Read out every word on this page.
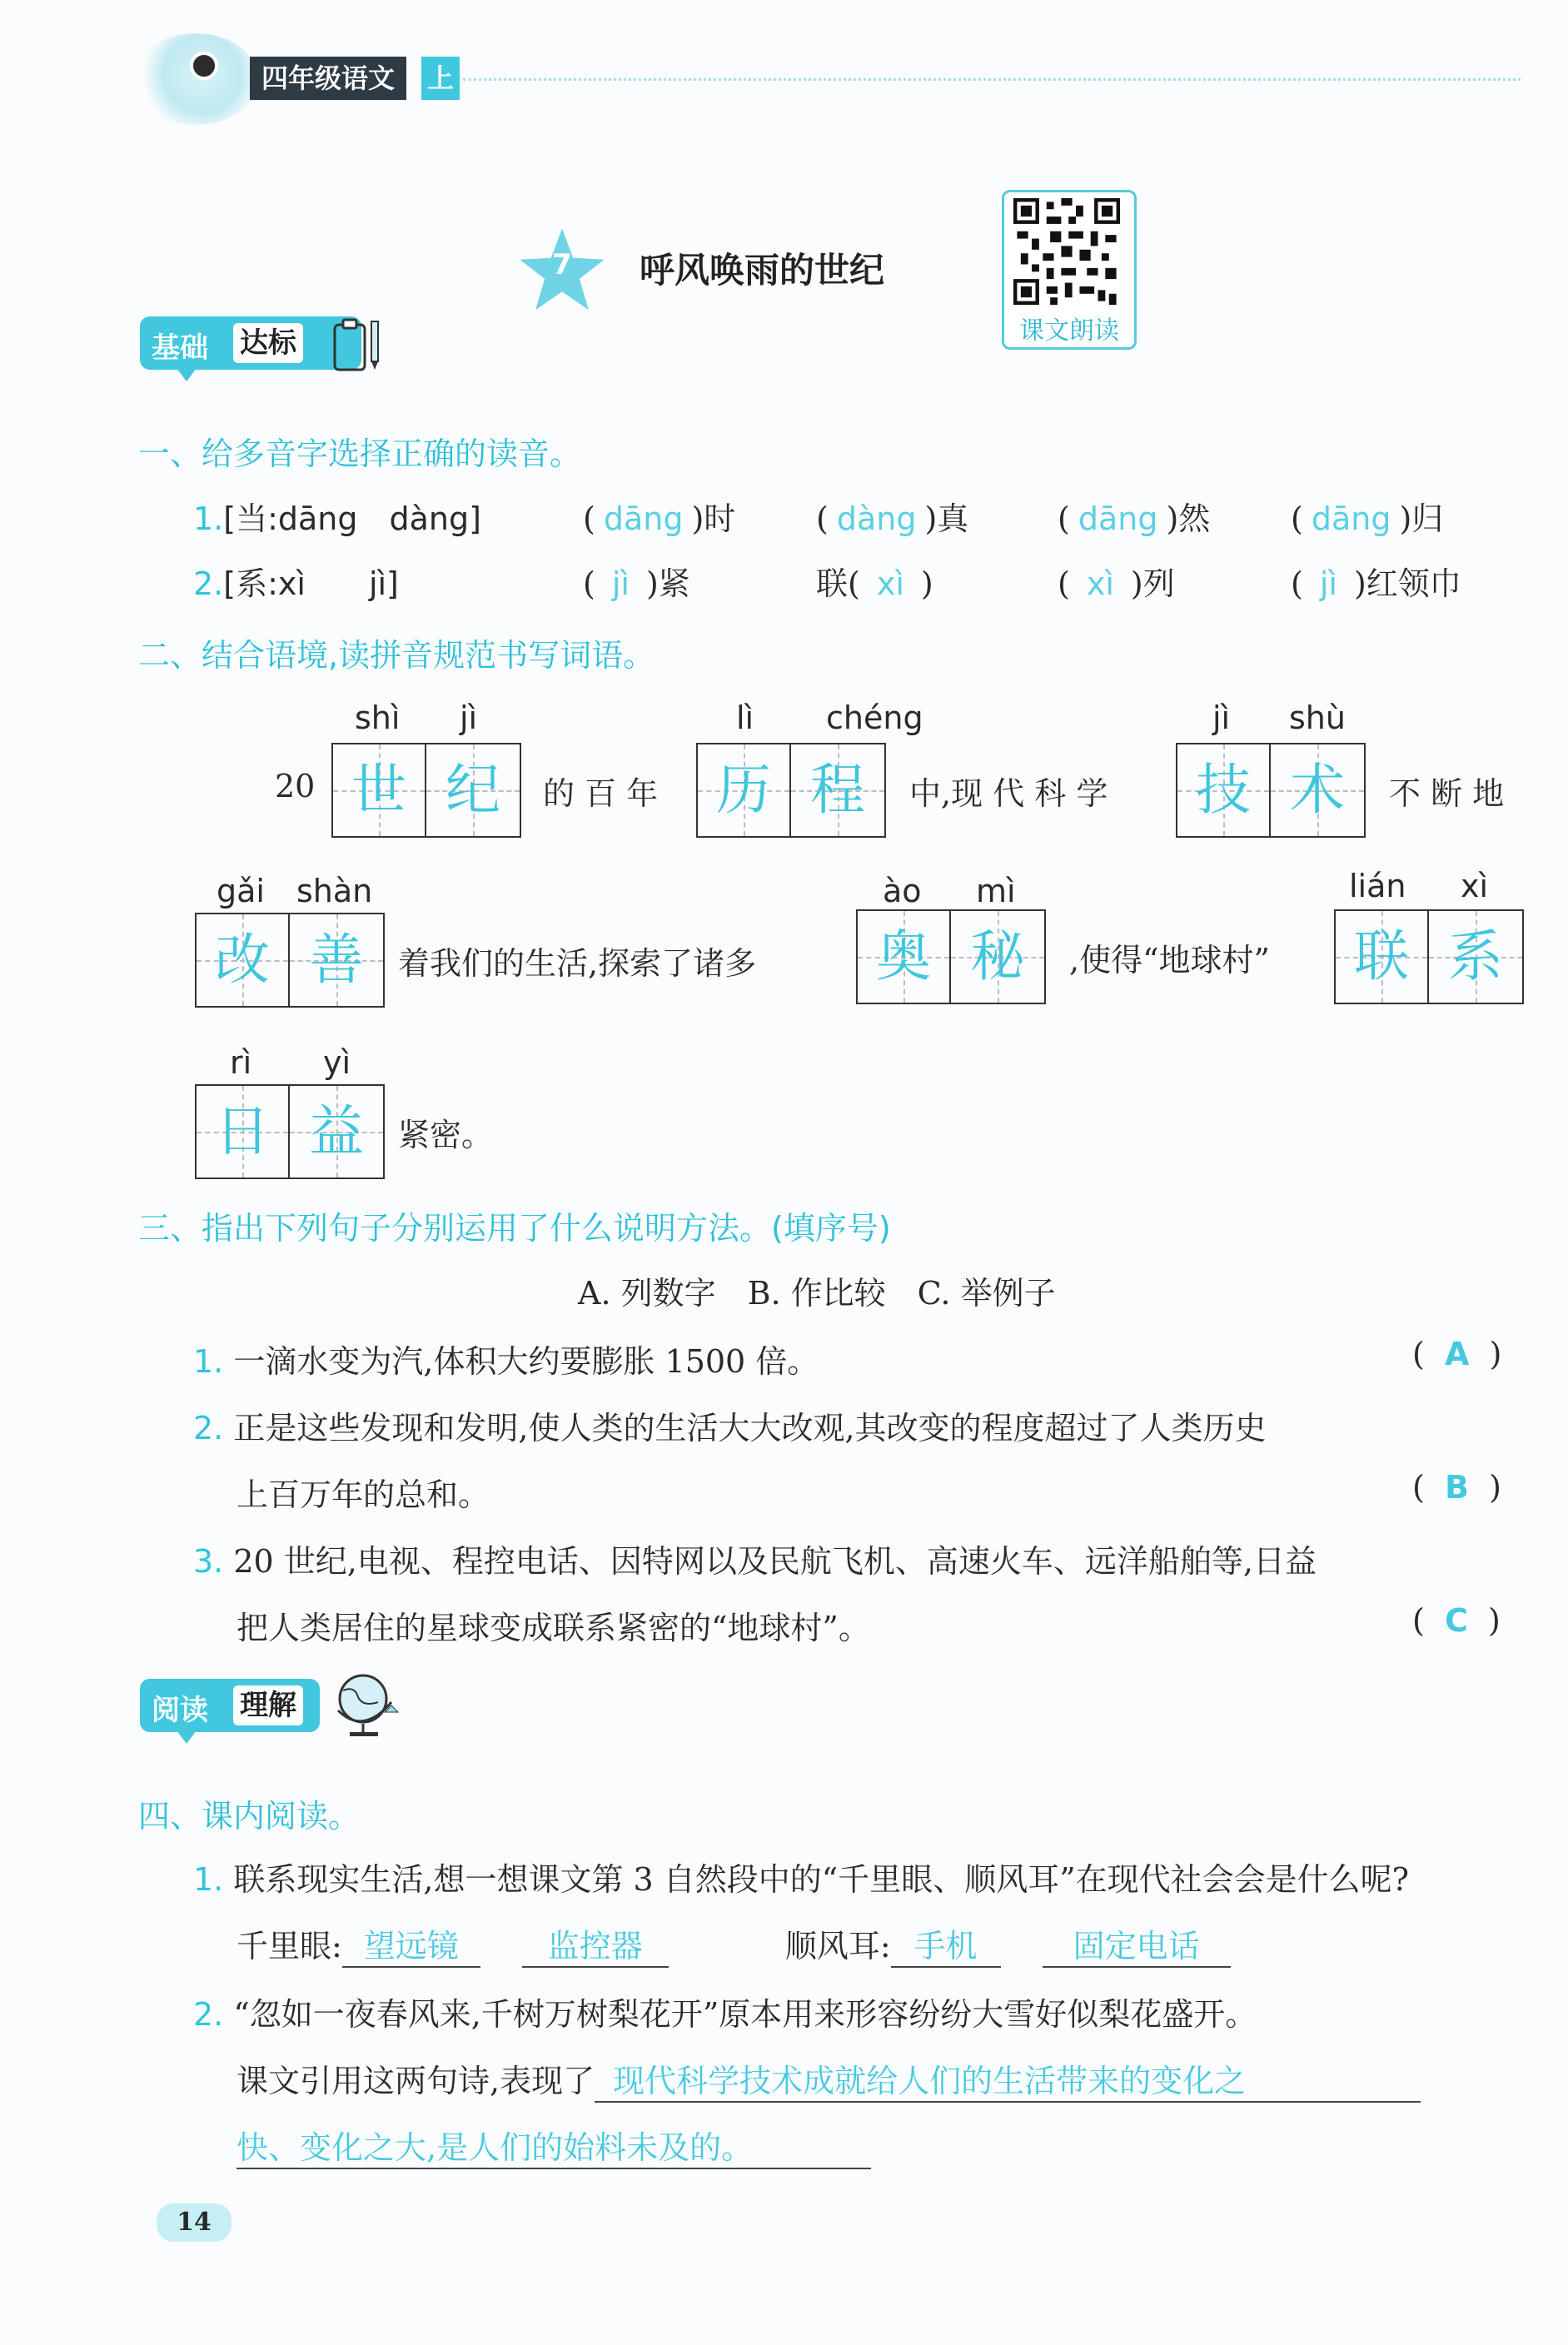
四年级语文	上
7	呼风唤雨的世纪
课文朗读
基础 达标
一、给多音字选择正确的读音。
1.[当:dāng　dàng]	( dāng )时	( dàng )真	( dāng )然	( dāng )归
2.[系:xì　　jì]	( jì )紧	联( xì )	( xì )列	( jì )红领巾
二、结合语境,读拼音规范书写词语。
shì jì
20 世 纪	的 百 年
lì chéng
历 程	中,现 代 科 学
jì shù
技 术	不 断 地
gǎi shàn
改 善	着我们的生活,探索了诸多
ào mì
奥 秘	,使得“地球村”
lián xì
联 系
rì yì
日 益	紧密。
三、指出下列句子分别运用了什么说明方法。(填序号)
A. 列数字　B. 作比较　C. 举例子
1. 一滴水变为汽,体积大约要膨胀 1500 倍。	(  A  )
2. 正是这些发现和发明,使人类的生活大大改观,其改变的程度超过了人类历史
上百万年的总和。	(  B  )
3. 20 世纪,电视、程控电话、因特网以及民航飞机、高速火车、远洋船舶等,日益
把人类居住的星球变成联系紧密的“地球村”。	(  C  )
阅读 理解
四、课内阅读。
1. 联系现实生活,想一想课文第 3 自然段中的“千里眼、顺风耳”在现代社会会是什么呢?
千里眼: 望远镜	监控器	顺风耳: 手机	固定电话
2. “忽如一夜春风来,千树万树梨花开”原本用来形容纷纷大雪好似梨花盛开。
课文引用这两句诗,表现了 现代科学技术成就给人们的生活带来的变化之
快、变化之大,是人们的始料未及的。
14
